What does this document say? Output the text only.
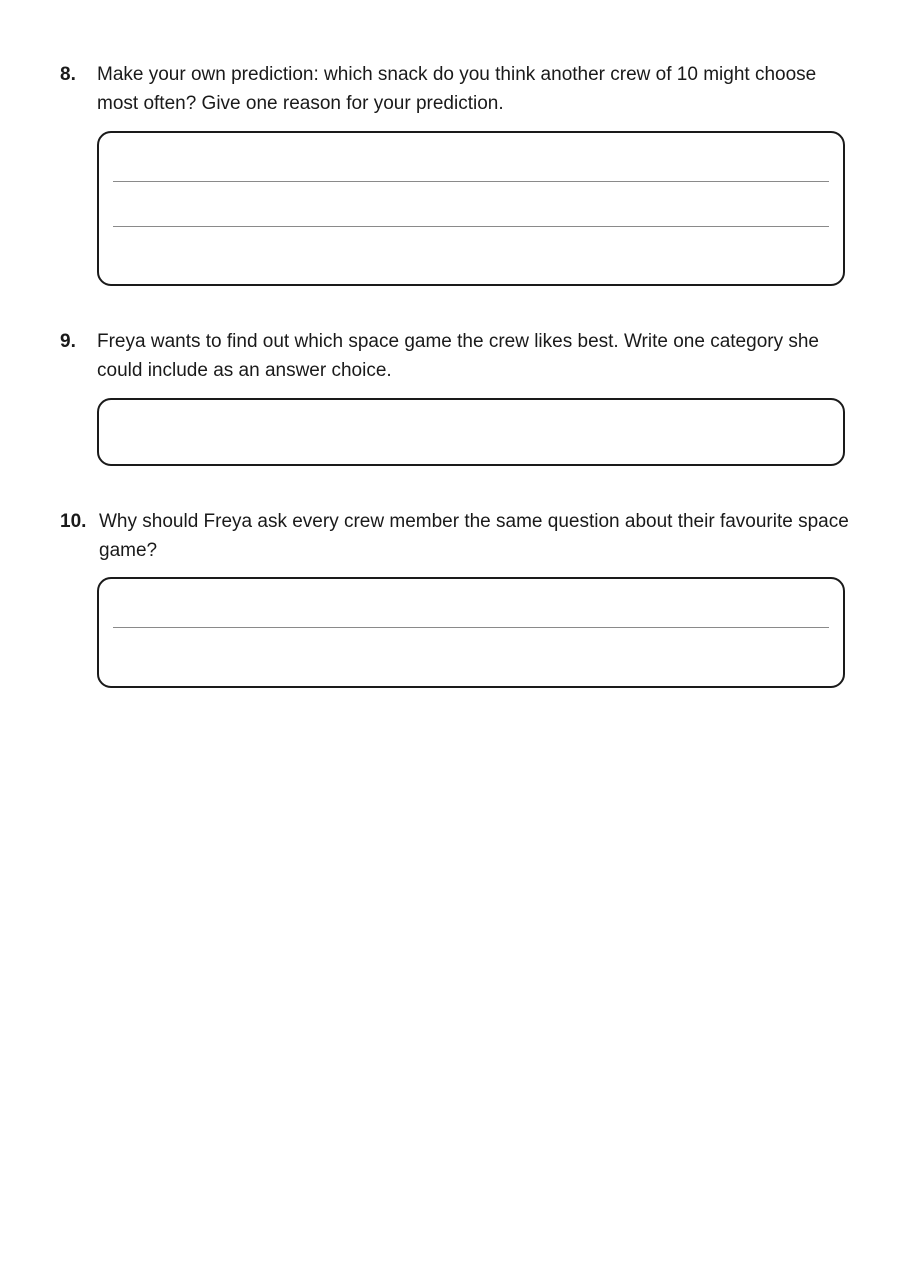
8.	Make your own prediction: which snack do you think another crew of 10 might choose most often? Give one reason for your prediction.
9.	Freya wants to find out which space game the crew likes best. Write one category she could include as an answer choice.
10. Why should Freya ask every crew member the same question about their favourite space game?
